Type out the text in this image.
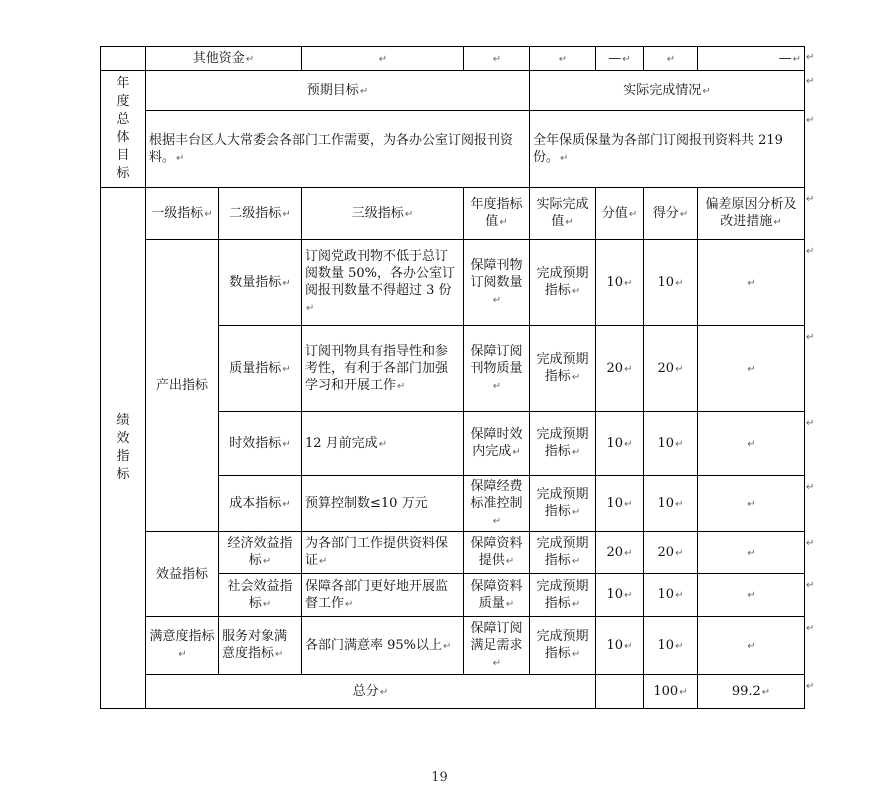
	其他资金↵		↵	↵	↵	—↵	↵	—↵	
年度总体目标	预期目标↵				实际完成情况↵				
	根据丰台区人大常委会各部门工作需要，为各办公室订阅报刊资料。↵				全年保质保量为各部门订阅报刊资料共 219 份。↵				
绩效指标	一级指标↵	二级指标↵	三级指标↵	年度指标值↵	实际完成值↵	分值↵	得分↵	偏差原因分析及改进措施↵	
	产出指标	数量指标↵	订阅党政刊物不低于总订阅数量 50%，各办公室订阅报刊数量不得超过 3 份↵	保障刊物订阅数量↵	完成预期指标↵	10↵	10↵	↵	
		质量指标↵	订阅刊物具有指导性和参考性，有利于各部门加强学习和开展工作↵	保障订阅刊物质量↵	完成预期指标↵	20↵	20↵	↵	
		时效指标↵	12 月前完成↵	保障时效内完成↵	完成预期指标↵	10↵	10↵	↵	
		成本指标↵	预算控制数≤10 万元	保障经费标准控制↵	完成预期指标↵	10↵	10↵	↵	
	效益指标	经济效益指标↵	为各部门工作提供资料保证↵	保障资料提供↵	完成预期指标↵	20↵	20↵	↵	
		社会效益指标↵	保障各部门更好地开展监督工作↵	保障资料质量↵	完成预期指标↵	10↵	10↵	↵	
	满意度指标↵	服务对象满意度指标↵	各部门满意率 95%以上↵	保障订阅满足需求↵	完成预期指标↵	10↵	10↵	↵	
	总分↵						100↵	99.2↵	
↵
↵
↵
↵
↵
↵
↵
↵
↵
↵
↵
↵
19
